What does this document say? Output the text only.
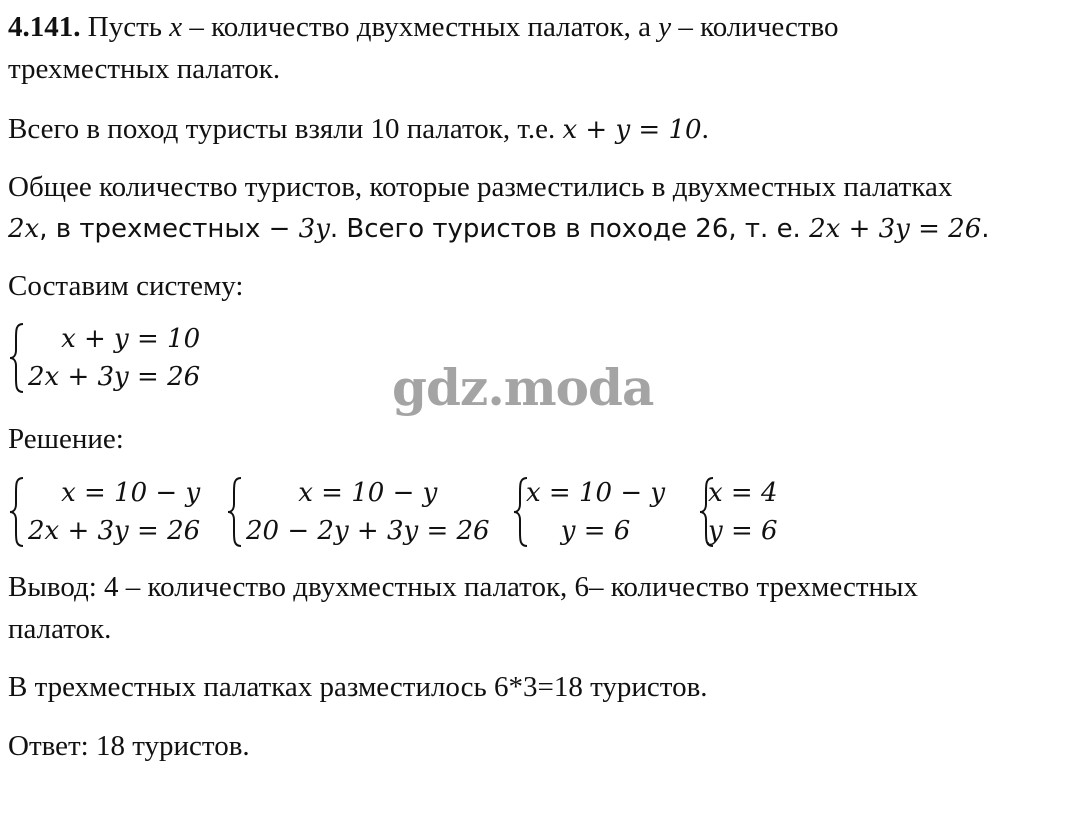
4.141. Пусть x – количество двухместных палаток, а y – количество
трехместных палаток.
Всего в поход туристы взяли 10 палаток, т.е. x + y = 10.
Общее количество туристов, которые разместились в двухместных палатках
2x, в трехместных − 3y. Всего туристов в походе 26, т. е. 2x + 3y = 26.
Составим систему:
x + y = 10
2x + 3y = 26	gdz.moda
Решение:
x = 10 − y
2x + 3y = 26
x = 10 − y
20 − 2y + 3y = 26
x = 10 − y
y = 6
x = 4
y = 6
Вывод: 4 – количество двухместных палаток, 6– количество трехместных
палаток.
В трехместных палатках разместилось 6*3=18 туристов.
Ответ: 18 туристов.
